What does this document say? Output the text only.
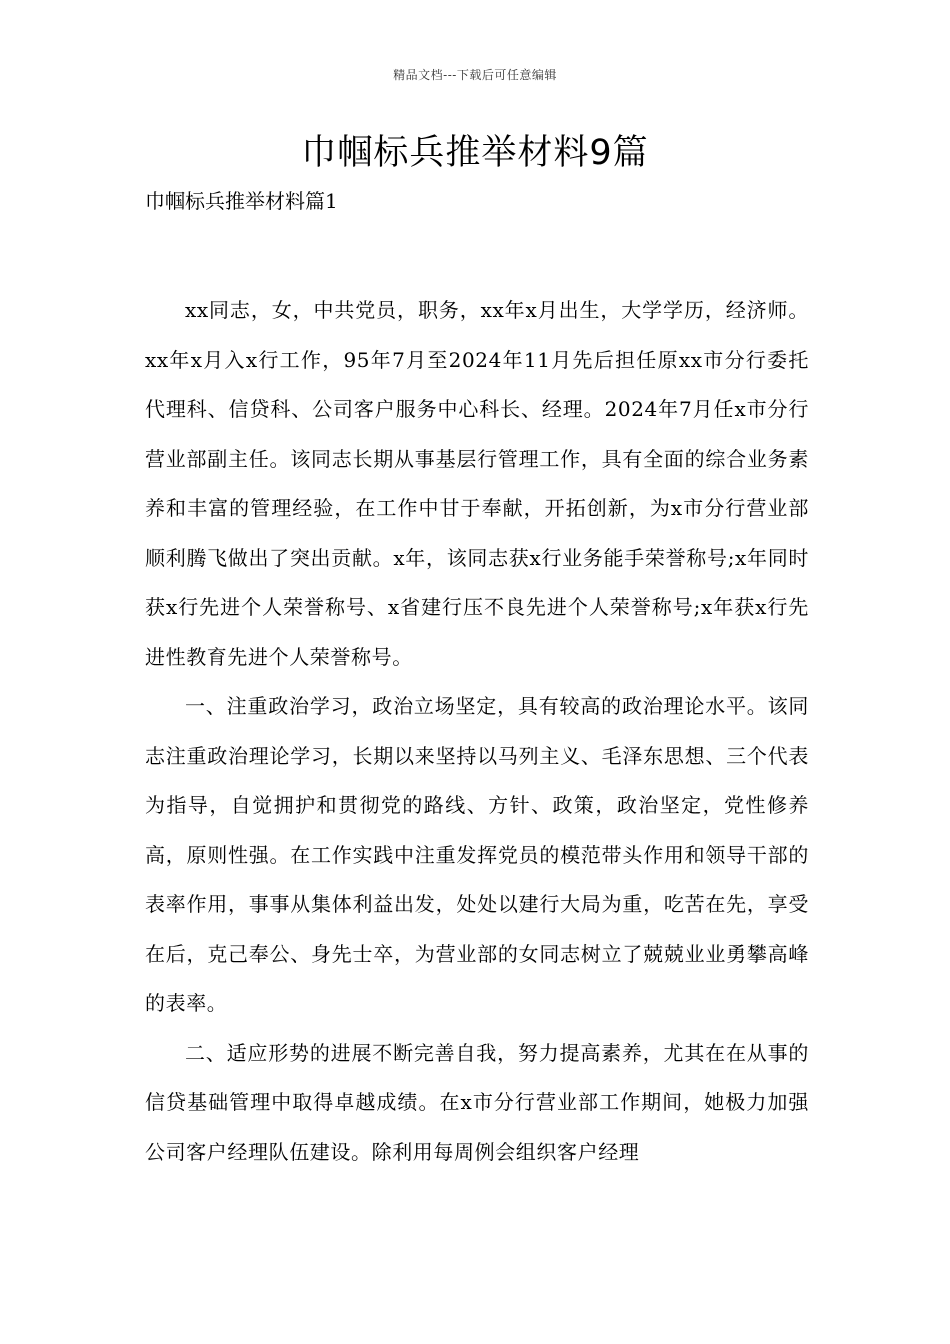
精品文档---下载后可任意编辑
巾帼标兵推举材料9篇
巾帼标兵推举材料篇1

xx同志，女，中共党员，职务，xx年x月出生，大学学历，经济师。xx年x月入x行工作，95年7月至2024年11月先后担任原xx市分行委托代理科、信贷科、公司客户服务中心科长、经理。2024年7月任x市分行营业部副主任。该同志长期从事基层行管理工作，具有全面的综合业务素养和丰富的管理经验，在工作中甘于奉献，开拓创新，为x市分行营业部顺利腾飞做出了突出贡献。x年，该同志获x行业务能手荣誉称号;x年同时获x行先进个人荣誉称号、x省建行压不良先进个人荣誉称号;x年获x行先进性教育先进个人荣誉称号。

一、注重政治学习，政治立场坚定，具有较高的政治理论水平。该同志注重政治理论学习，长期以来坚持以马列主义、毛泽东思想、三个代表为指导，自觉拥护和贯彻党的路线、方针、政策，政治坚定，党性修养高，原则性强。在工作实践中注重发挥党员的模范带头作用和领导干部的表率作用，事事从集体利益出发，处处以建行大局为重，吃苦在先，享受在后，克己奉公、身先士卒，为营业部的女同志树立了兢兢业业勇攀高峰的表率。

二、适应形势的进展不断完善自我，努力提高素养，尤其在在从事的信贷基础管理中取得卓越成绩。在x市分行营业部工作期间，她极力加强公司客户经理队伍建设。除利用每周例会组织客户经理
